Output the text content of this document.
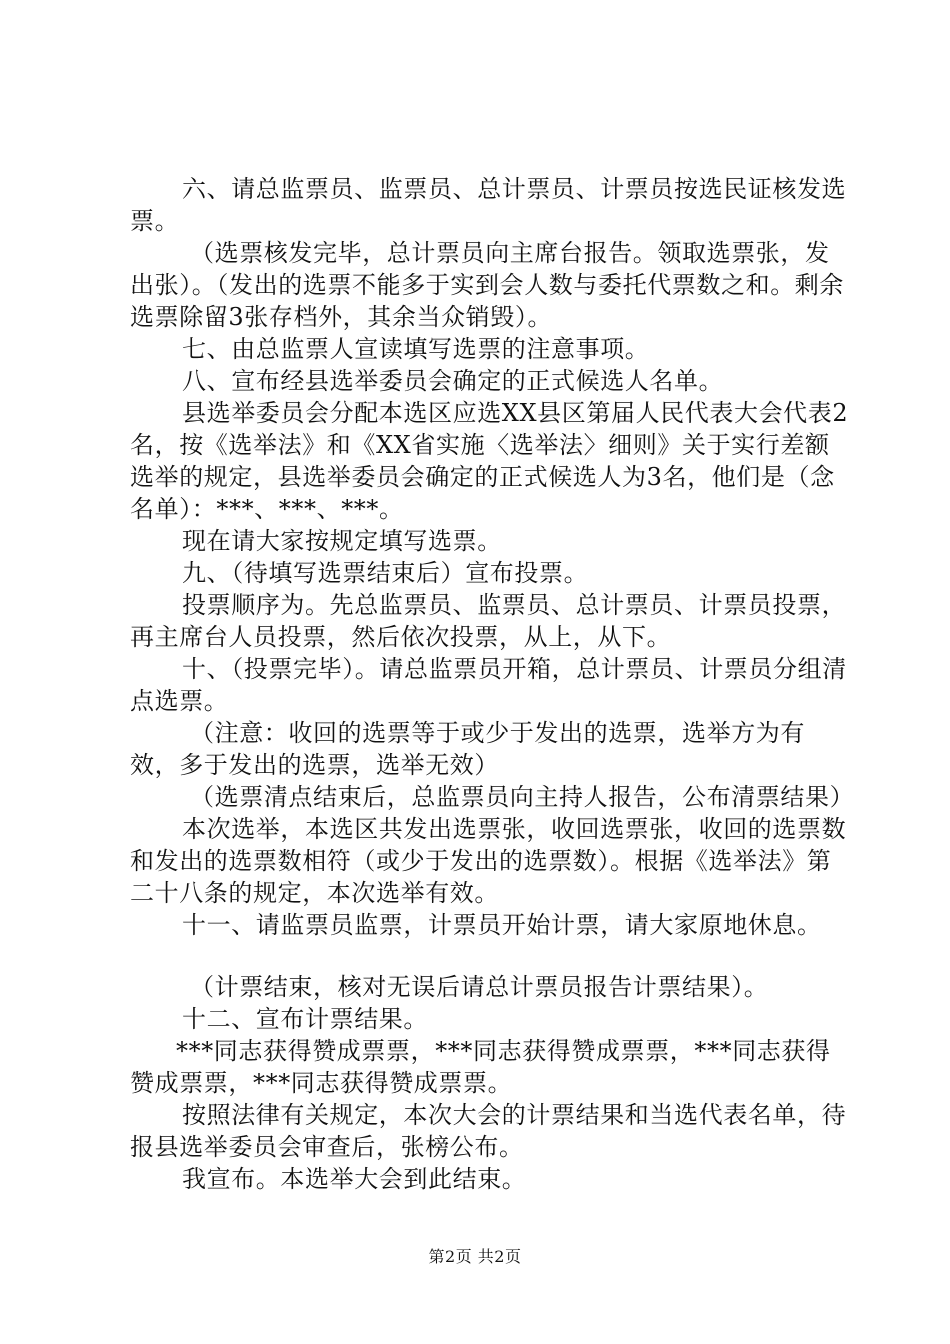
六、请总监票员、监票员、总计票员、计票员按选民证核发选票。

（选票核发完毕，总计票员向主席台报告。领取选票张，发出张）。（发出的选票不能多于实到会人数与委托代票数之和。剩余选票除留3张存档外，其余当众销毁）。

七、由总监票人宣读填写选票的注意事项。

八、宣布经县选举委员会确定的正式候选人名单。

县选举委员会分配本选区应选XX县区第届人民代表大会代表2名，按《选举法》和《XX省实施〈选举法〉细则》关于实行差额选举的规定，县选举委员会确定的正式候选人为3名，他们是（念名单）：***、***、***。

现在请大家按规定填写选票。

九、（待填写选票结束后）宣布投票。

投票顺序为。先总监票员、监票员、总计票员、计票员投票，再主席台人员投票，然后依次投票，从上，从下。

十、（投票完毕）。请总监票员开箱，总计票员、计票员分组清点选票。

（注意：收回的选票等于或少于发出的选票，选举方为有效，多于发出的选票，选举无效）

（选票清点结束后，总监票员向主持人报告，公布清票结果）

本次选举，本选区共发出选票张，收回选票张，收回的选票数和发出的选票数相符（或少于发出的选票数）。根据《选举法》第二十八条的规定，本次选举有效。

十一、请监票员监票，计票员开始计票，请大家原地休息。

（计票结束，核对无误后请总计票员报告计票结果）。

十二、宣布计票结果。

***同志获得赞成票票，***同志获得赞成票票，***同志获得赞成票票，***同志获得赞成票票。

按照法律有关规定，本次大会的计票结果和当选代表名单，待报县选举委员会审查后，张榜公布。

我宣布。本选举大会到此结束。

第2页 共2页
